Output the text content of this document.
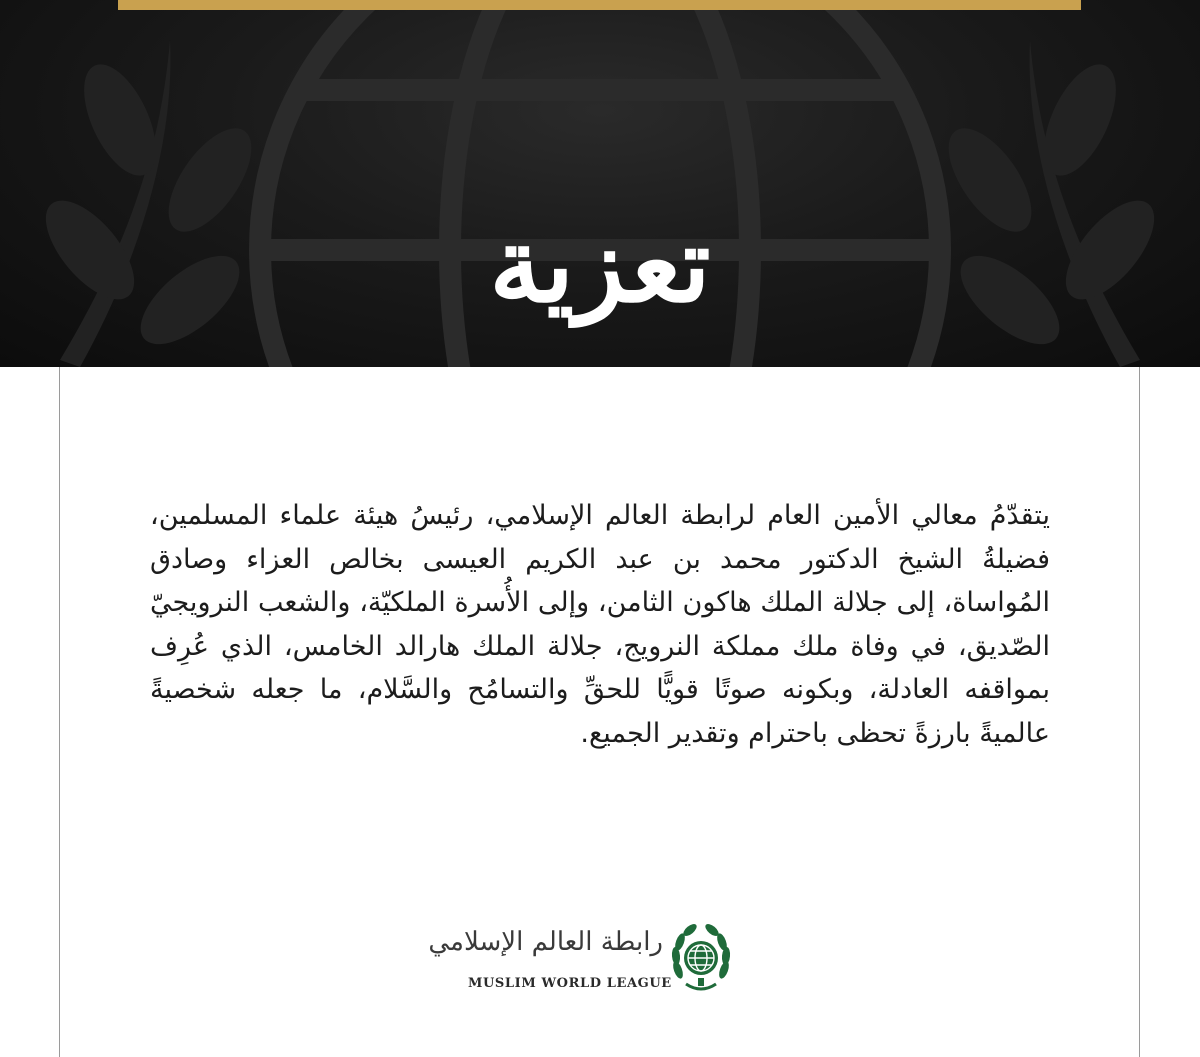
تعزية

يتقدّمُ معالي الأمين العام لرابطة العالم الإسلامي، رئيسُ هيئة علماء المسلمين، فضيلةُ الشيخ الدكتور محمد بن عبد الكريم العيسى بخالص العزاء وصادق المُواساة، إلى جلالة الملك هاكون الثامن، وإلى الأُسرة الملكيّة، والشعب النرويجيّ الصّديق، في وفاة ملك مملكة النرويج، جلالة الملك هارالد الخامس، الذي عُرِف بمواقفه العادلة، وبكونه صوتًا قويًّا للحقِّ والتسامُح والسَّلام، ما جعله شخصيةً عالميةً بارزةً تحظى باحترام وتقدير الجميع.

رابطة العالم الإسلامي
MUSLIM WORLD LEAGUE
